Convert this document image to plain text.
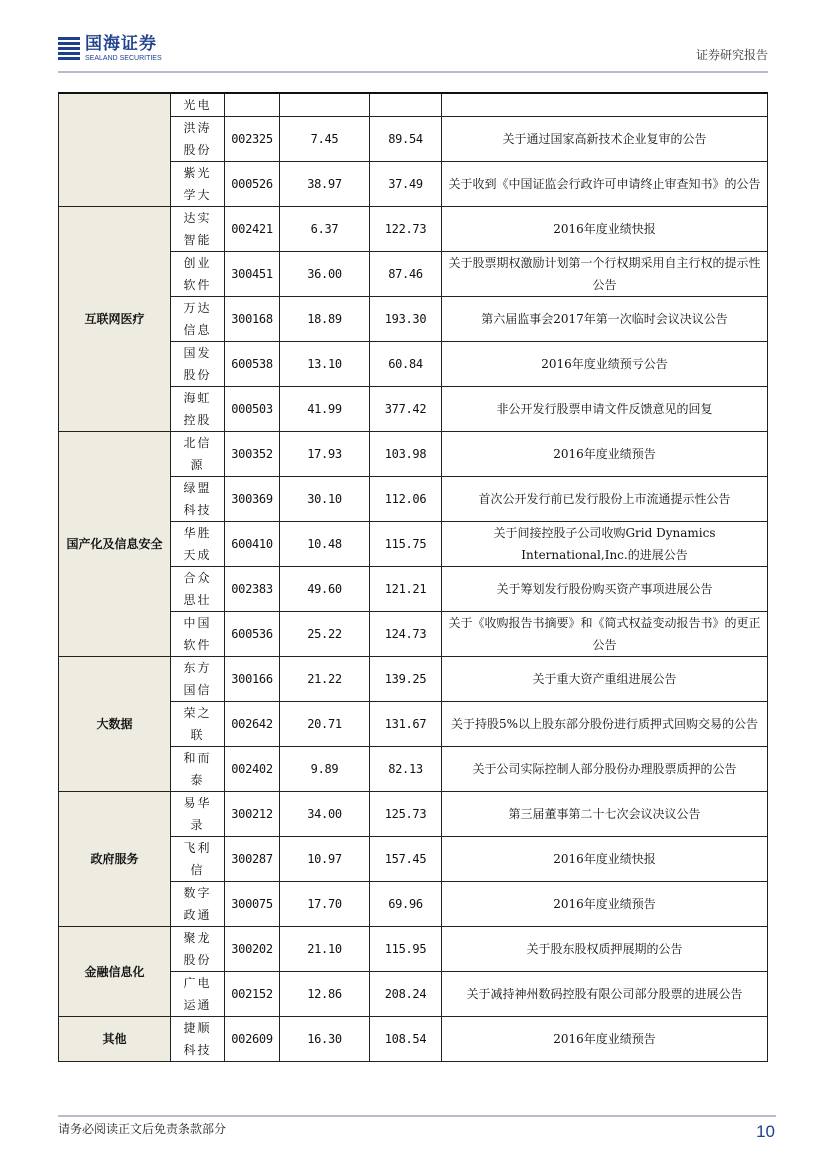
国海证券
SEALAND SECURITIES	证券研究报告
	光电				
	洪涛股份	002325	7.45	89.54	关于通过国家高新技术企业复审的公告
	紫光学大	000526	38.97	37.49	关于收到《中国证监会行政许可申请终止审查知书》的公告
互联网医疗	达实智能	002421	6.37	122.73	2016年度业绩快报
	创业软件	300451	36.00	87.46	关于股票期权激励计划第一个行权期采用自主行权的提示性公告
	万达信息	300168	18.89	193.30	第六届监事会2017年第一次临时会议决议公告
	国发股份	600538	13.10	60.84	2016年度业绩预亏公告
	海虹控股	000503	41.99	377.42	非公开发行股票申请文件反馈意见的回复
国产化及信息安全	北信源	300352	17.93	103.98	2016年度业绩预告
	绿盟科技	300369	30.10	112.06	首次公开发行前已发行股份上市流通提示性公告
	华胜天成	600410	10.48	115.75	关于间接控股子公司收购Grid Dynamics International,Inc.的进展公告
	合众思壮	002383	49.60	121.21	关于筹划发行股份购买资产事项进展公告
	中国软件	600536	25.22	124.73	关于《收购报告书摘要》和《简式权益变动报告书》的更正公告
大数据	东方国信	300166	21.22	139.25	关于重大资产重组进展公告
	荣之联	002642	20.71	131.67	关于持股5%以上股东部分股份进行质押式回购交易的公告
	和而泰	002402	9.89	82.13	关于公司实际控制人部分股份办理股票质押的公告
政府服务	易华录	300212	34.00	125.73	第三届董事第二十七次会议决议公告
	飞利信	300287	10.97	157.45	2016年度业绩快报
	数字政通	300075	17.70	69.96	2016年度业绩预告
金融信息化	聚龙股份	300202	21.10	115.95	关于股东股权质押展期的公告
	广电运通	002152	12.86	208.24	关于减持神州数码控股有限公司部分股票的进展公告
其他	捷顺科技	002609	16.30	108.54	2016年度业绩预告
请务必阅读正文后免责条款部分	10
